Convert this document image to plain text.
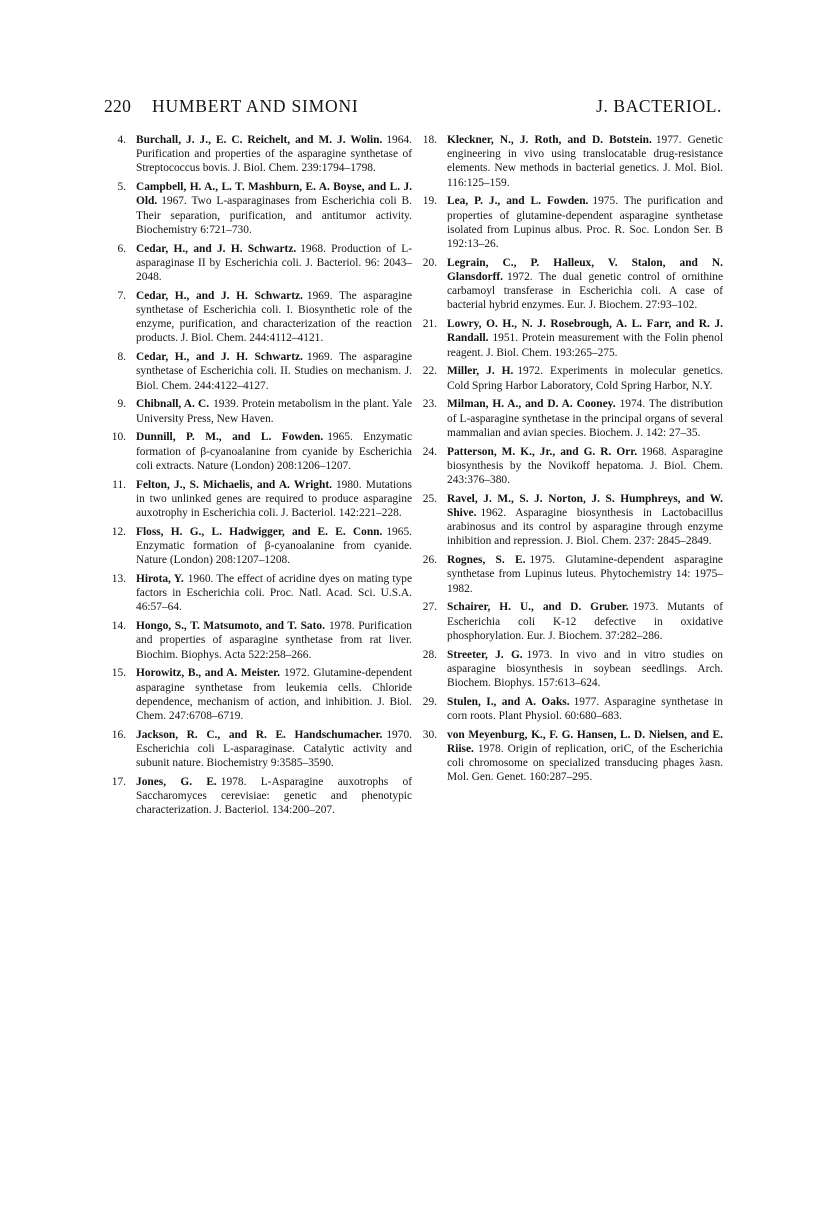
220 HUMBERT AND SIMONI	J. BACTERIOL.
4. Burchall, J. J., E. C. Reichelt, and M. J. Wolin. 1964. Purification and properties of the asparagine synthetase of Streptococcus bovis. J. Biol. Chem. 239:1794–1798.
5. Campbell, H. A., L. T. Mashburn, E. A. Boyse, and L. J. Old. 1967. Two L-asparaginases from Escherichia coli B. Their separation, purification, and antitumor activity. Biochemistry 6:721–730.
6. Cedar, H., and J. H. Schwartz. 1968. Production of L-asparaginase II by Escherichia coli. J. Bacteriol. 96: 2043–2048.
7. Cedar, H., and J. H. Schwartz. 1969. The asparagine synthetase of Escherichia coli. I. Biosynthetic role of the enzyme, purification, and characterization of the reaction products. J. Biol. Chem. 244:4112–4121.
8. Cedar, H., and J. H. Schwartz. 1969. The asparagine synthetase of Escherichia coli. II. Studies on mechanism. J. Biol. Chem. 244:4122–4127.
9. Chibnall, A. C. 1939. Protein metabolism in the plant. Yale University Press, New Haven.
10. Dunnill, P. M., and L. Fowden. 1965. Enzymatic formation of β-cyanoalanine from cyanide by Escherichia coli extracts. Nature (London) 208:1206–1207.
11. Felton, J., S. Michaelis, and A. Wright. 1980. Mutations in two unlinked genes are required to produce asparagine auxotrophy in Escherichia coli. J. Bacteriol. 142:221–228.
12. Floss, H. G., L. Hadwigger, and E. E. Conn. 1965. Enzymatic formation of β-cyanoalanine from cyanide. Nature (London) 208:1207–1208.
13. Hirota, Y. 1960. The effect of acridine dyes on mating type factors in Escherichia coli. Proc. Natl. Acad. Sci. U.S.A. 46:57–64.
14. Hongo, S., T. Matsumoto, and T. Sato. 1978. Purification and properties of asparagine synthetase from rat liver. Biochim. Biophys. Acta 522:258–266.
15. Horowitz, B., and A. Meister. 1972. Glutamine-dependent asparagine synthetase from leukemia cells. Chloride dependence, mechanism of action, and inhibition. J. Biol. Chem. 247:6708–6719.
16. Jackson, R. C., and R. E. Handschumacher. 1970. Escherichia coli L-asparaginase. Catalytic activity and subunit nature. Biochemistry 9:3585–3590.
17. Jones, G. E. 1978. L-Asparagine auxotrophs of Saccharomyces cerevisiae: genetic and phenotypic characterization. J. Bacteriol. 134:200–207.
18. Kleckner, N., J. Roth, and D. Botstein. 1977. Genetic engineering in vivo using translocatable drug-resistance elements. New methods in bacterial genetics. J. Mol. Biol. 116:125–159.
19. Lea, P. J., and L. Fowden. 1975. The purification and properties of glutamine-dependent asparagine synthetase isolated from Lupinus albus. Proc. R. Soc. London Ser. B 192:13–26.
20. Legrain, C., P. Halleux, V. Stalon, and N. Glansdorff. 1972. The dual genetic control of ornithine carbamoyl transferase in Escherichia coli. A case of bacterial hybrid enzymes. Eur. J. Biochem. 27:93–102.
21. Lowry, O. H., N. J. Rosebrough, A. L. Farr, and R. J. Randall. 1951. Protein measurement with the Folin phenol reagent. J. Biol. Chem. 193:265–275.
22. Miller, J. H. 1972. Experiments in molecular genetics. Cold Spring Harbor Laboratory, Cold Spring Harbor, N.Y.
23. Milman, H. A., and D. A. Cooney. 1974. The distribution of L-asparagine synthetase in the principal organs of several mammalian and avian species. Biochem. J. 142: 27–35.
24. Patterson, M. K., Jr., and G. R. Orr. 1968. Asparagine biosynthesis by the Novikoff hepatoma. J. Biol. Chem. 243:376–380.
25. Ravel, J. M., S. J. Norton, J. S. Humphreys, and W. Shive. 1962. Asparagine biosynthesis in Lactobacillus arabinosus and its control by asparagine through enzyme inhibition and repression. J. Biol. Chem. 237: 2845–2849.
26. Rognes, S. E. 1975. Glutamine-dependent asparagine synthetase from Lupinus luteus. Phytochemistry 14: 1975–1982.
27. Schairer, H. U., and D. Gruber. 1973. Mutants of Escherichia coli K-12 defective in oxidative phosphorylation. Eur. J. Biochem. 37:282–286.
28. Streeter, J. G. 1973. In vivo and in vitro studies on asparagine biosynthesis in soybean seedlings. Arch. Biochem. Biophys. 157:613–624.
29. Stulen, I., and A. Oaks. 1977. Asparagine synthetase in corn roots. Plant Physiol. 60:680–683.
30. von Meyenburg, K., F. G. Hansen, L. D. Nielsen, and E. Riise. 1978. Origin of replication, oriC, of the Escherichia coli chromosome on specialized transducing phages λasn. Mol. Gen. Genet. 160:287–295.
